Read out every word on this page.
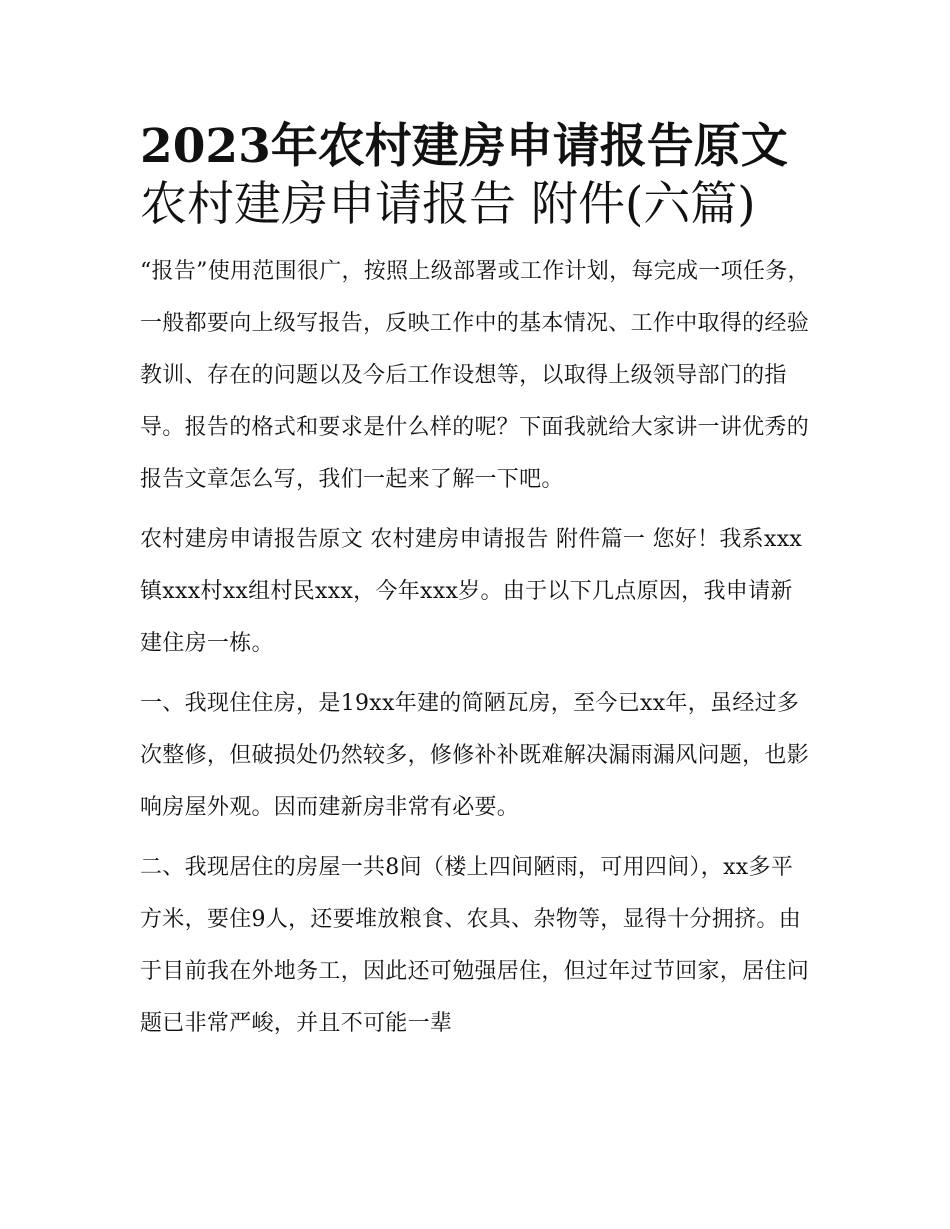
2023年农村建房申请报告原文
农村建房申请报告 附件(六篇)

“报告”使用范围很广，按照上级部署或工作计划，每完成一项任务，一般都要向上级写报告，反映工作中的基本情况、工作中取得的经验教训、存在的问题以及今后工作设想等，以取得上级领导部门的指导。报告的格式和要求是什么样的呢？下面我就给大家讲一讲优秀的报告文章怎么写，我们一起来了解一下吧。

农村建房申请报告原文 农村建房申请报告 附件篇一 您好！我系xxx镇xxx村xx组村民xxx，今年xxx岁。由于以下几点原因，我申请新建住房一栋。

一、我现住住房，是19xx年建的简陋瓦房，至今已xx年，虽经过多次整修，但破损处仍然较多，修修补补既难解决漏雨漏风问题，也影响房屋外观。因而建新房非常有必要。

二、我现居住的房屋一共8间（楼上四间陋雨，可用四间），xx多平方米，要住9人，还要堆放粮食、农具、杂物等，显得十分拥挤。由于目前我在外地务工，因此还可勉强居住，但过年过节回家，居住问题已非常严峻，并且不可能一辈
